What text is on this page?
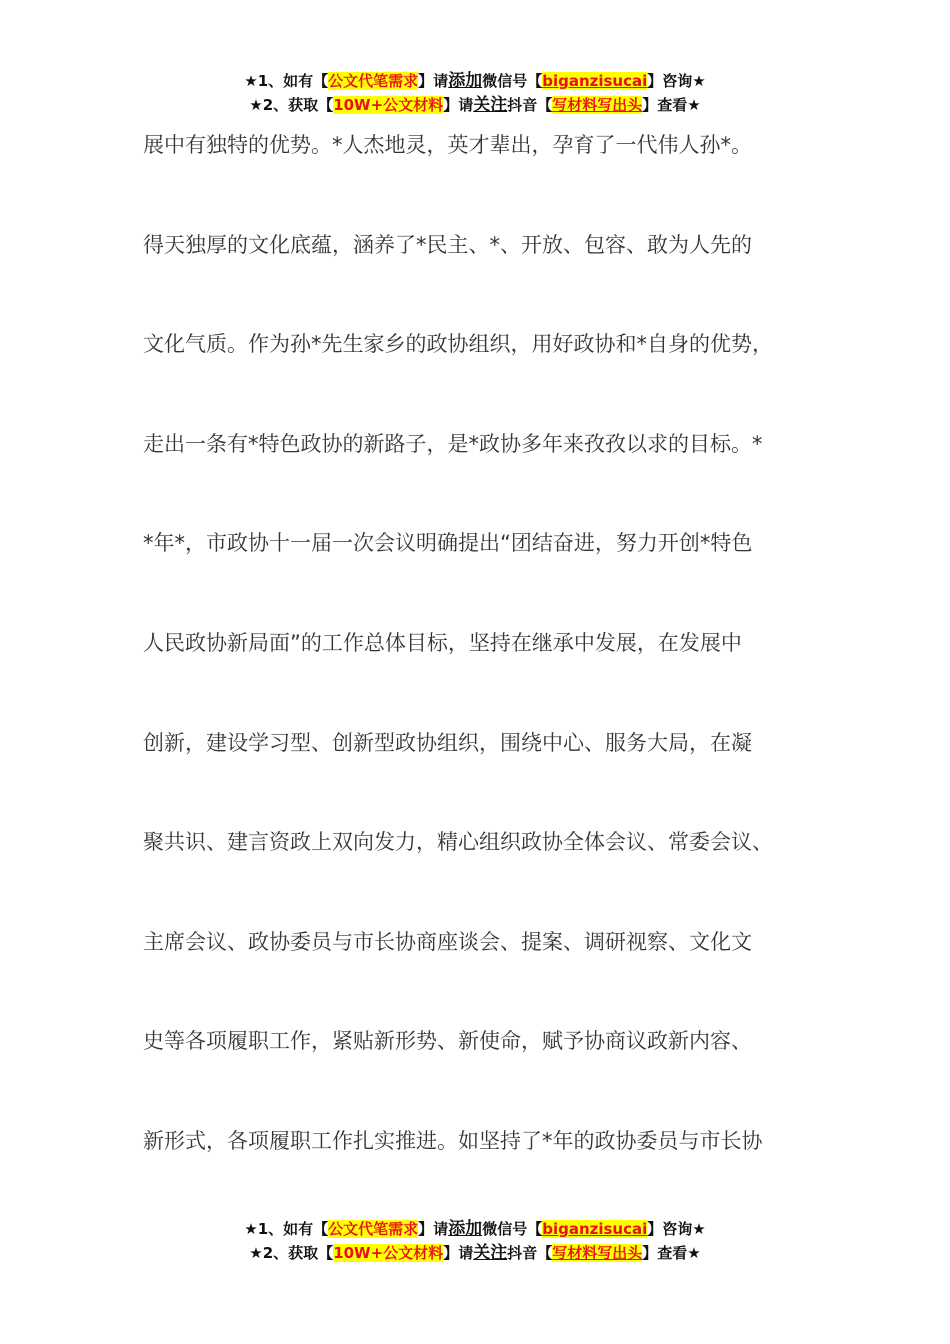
★1、如有【公文代笔需求】请添加微信号【biganzisucai】咨询★
★2、获取【10W+公文材料】请关注抖音【写材料写出头】查看★
展中有独特的优势。*人杰地灵，英才辈出，孕育了一代伟人孙*。
得天独厚的文化底蕴，涵养了*民主、*、开放、包容、敢为人先的
文化气质。作为孙*先生家乡的政协组织，用好政协和*自身的优势，
走出一条有*特色政协的新路子，是*政协多年来孜孜以求的目标。*
*年*，市政协十一届一次会议明确提出“团结奋进，努力开创*特色
人民政协新局面”的工作总体目标，坚持在继承中发展，在发展中
创新，建设学习型、创新型政协组织，围绕中心、服务大局，在凝
聚共识、建言资政上双向发力，精心组织政协全体会议、常委会议、
主席会议、政协委员与市长协商座谈会、提案、调研视察、文化文
史等各项履职工作，紧贴新形势、新使命，赋予协商议政新内容、
新形式，各项履职工作扎实推进。如坚持了*年的政协委员与市长协
★1、如有【公文代笔需求】请添加微信号【biganzisucai】咨询★
★2、获取【10W+公文材料】请关注抖音【写材料写出头】查看★
